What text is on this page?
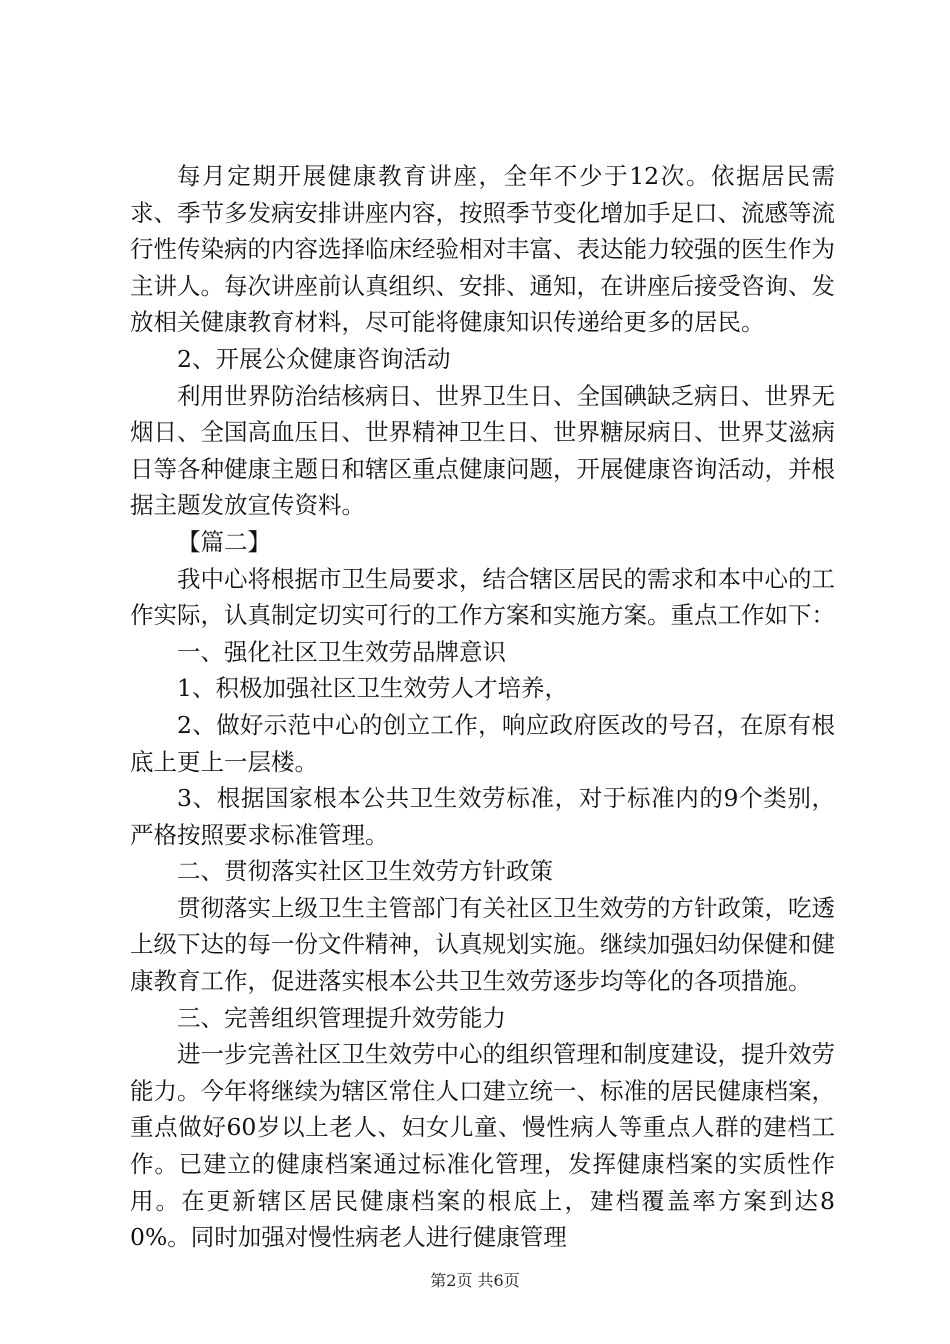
每月定期开展健康教育讲座，全年不少于12次。依据居民需求、季节多发病安排讲座内容，按照季节变化增加手足口、流感等流行性传染病的内容选择临床经验相对丰富、表达能力较强的医生作为主讲人。每次讲座前认真组织、安排、通知，在讲座后接受咨询、发放相关健康教育材料，尽可能将健康知识传递给更多的居民。

2、开展公众健康咨询活动

利用世界防治结核病日、世界卫生日、全国碘缺乏病日、世界无烟日、全国高血压日、世界精神卫生日、世界糖尿病日、世界艾滋病日等各种健康主题日和辖区重点健康问题，开展健康咨询活动，并根据主题发放宣传资料。

【篇二】

我中心将根据市卫生局要求，结合辖区居民的需求和本中心的工作实际，认真制定切实可行的工作方案和实施方案。重点工作如下：

一、强化社区卫生效劳品牌意识

1、积极加强社区卫生效劳人才培养，

2、做好示范中心的创立工作，响应政府医改的号召，在原有根底上更上一层楼。

3、根据国家根本公共卫生效劳标准，对于标准内的9个类别，严格按照要求标准管理。

二、贯彻落实社区卫生效劳方针政策

贯彻落实上级卫生主管部门有关社区卫生效劳的方针政策，吃透上级下达的每一份文件精神，认真规划实施。继续加强妇幼保健和健康教育工作，促进落实根本公共卫生效劳逐步均等化的各项措施。

三、完善组织管理提升效劳能力

进一步完善社区卫生效劳中心的组织管理和制度建设，提升效劳能力。今年将继续为辖区常住人口建立统一、标准的居民健康档案，重点做好60岁以上老人、妇女儿童、慢性病人等重点人群的建档工作。已建立的健康档案通过标准化管理，发挥健康档案的实质性作用。在更新辖区居民健康档案的根底上，建档覆盖率方案到达80%。同时加强对慢性病老人进行健康管理

第2页 共6页
